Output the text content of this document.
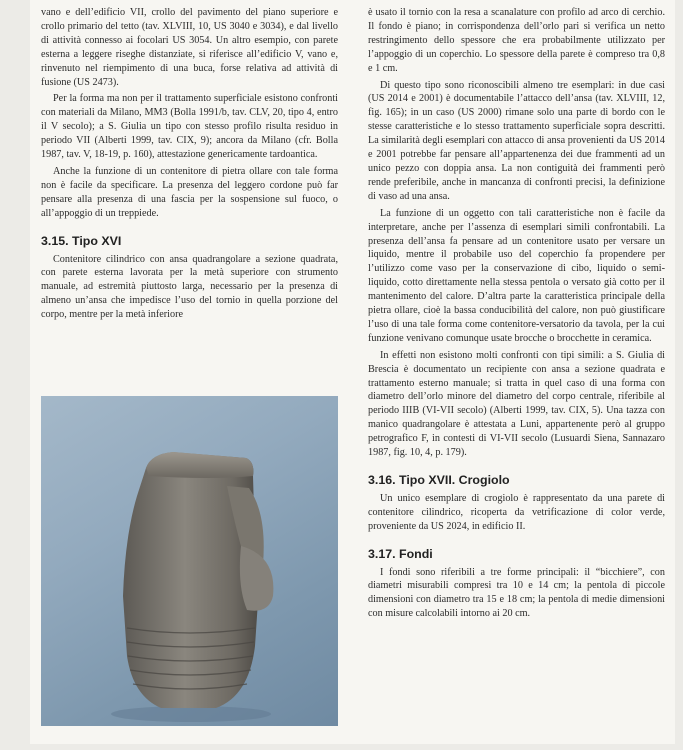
vano e dell’edificio VII, crollo del pavimento del piano superiore e crollo primario del tetto (tav. XLVIII, 10, US 3040 e 3034), e dal livello di attività connesso ai focolari US 3054. Un altro esempio, con parete esterna a leggere riseghe distanziate, si riferisce all’edificio V, vano e, rinvenuto nel riempimento di una buca, forse relativa ad attività di fusione (US 2473).

Per la forma ma non per il trattamento superficiale esistono confronti con materiali da Milano, MM3 (Bolla 1991/b, tav. CLV, 20, tipo 4, entro il V secolo); a S. Giulia un tipo con stesso profilo risulta residuo in periodo VII (Alberti 1999, tav. CIX, 9); ancora da Milano (cfr. Bolla 1987, tav. V, 18-19, p. 160), attestazione genericamente tardoantica.

Anche la funzione di un contenitore di pietra ollare con tale forma non è facile da specificare. La presenza del leggero cordone può far pensare alla presenza di una fascia per la sospensione sul fuoco, o all’appoggio di un treppiede.

3.15. Tipo XVI

Contenitore cilindrico con ansa quadrangolare a sezione quadrata, con parete esterna lavorata per la metà superiore con strumento manuale, ad estremità piuttosto larga, necessario per la presenza di almeno un’ansa che impedisce l’uso del tornio in quella porzione del corpo, mentre per la metà inferiore

è usato il tornio con la resa a scanalature con profilo ad arco di cerchio. Il fondo è piano; in corrispondenza dell’orlo pari si verifica un netto restringimento dello spessore che era probabilmente utilizzato per l’appoggio di un coperchio. Lo spessore della parete è compreso tra 0,8 e 1 cm.

Di questo tipo sono riconoscibili almeno tre esemplari: in due casi (US 2014 e 2001) è documentabile l’attacco dell’ansa (tav. XLVIII, 12, fig. 165); in un caso (US 2000) rimane solo una parte di bordo con le stesse caratteristiche e lo stesso trattamento superficiale sopra descritti. La similarità degli esemplari con attacco di ansa provenienti da US 2014 e 2001 potrebbe far pensare all’appartenenza dei due frammenti ad un unico pezzo con doppia ansa. La non contiguità dei frammenti però rende preferibile, anche in mancanza di confronti precisi, la definizione di vaso ad una ansa.

La funzione di un oggetto con tali caratteristiche non è facile da interpretare, anche per l’assenza di esemplari simili confrontabili. La presenza dell’ansa fa pensare ad un contenitore usato per versare un liquido, mentre il probabile uso del coperchio fa propendere per l’utilizzo come vaso per la conservazione di cibo, liquido o semi-liquido, cotto direttamente nella stessa pentola o versato già cotto per il mantenimento del calore. D’altra parte la caratteristica principale della pietra ollare, cioè la bassa conducibilità del calore, non può giustificare l’uso di una tale forma come contenitore-versatorio da tavola, per la cui funzione venivano comunque usate brocche o brocchette in ceramica.

In effetti non esistono molti confronti con tipi simili: a S. Giulia di Brescia è documentato un recipiente con ansa a sezione quadrata e trattamento esterno manuale; si tratta in quel caso di una forma con diametro dell’orlo minore del diametro del corpo centrale, riferibile al periodo IIIB (VI-VII secolo) (Alberti 1999, tav. CIX, 5). Una tazza con manico quadrangolare è attestata a Luni, appartenente però al gruppo petrografico F, in contesti di VI-VII secolo (Lusuardi Siena, Sannazaro 1987, fig. 10, 4, p. 179).

3.16. Tipo XVII. Crogiolo

Un unico esemplare di crogiolo è rappresentato da una parete di contenitore cilindrico, ricoperta da vetrificazione di color verde, proveniente da US 2024, in edificio II.

3.17. Fondi

I fondi sono riferibili a tre forme principali: il “bicchiere”, con diametri misurabili compresi tra 10 e 14 cm; la pentola di piccole dimensioni con diametro tra 15 e 18 cm; la pentola di medie dimensioni con misure calcolabili intorno ai 20 cm.
